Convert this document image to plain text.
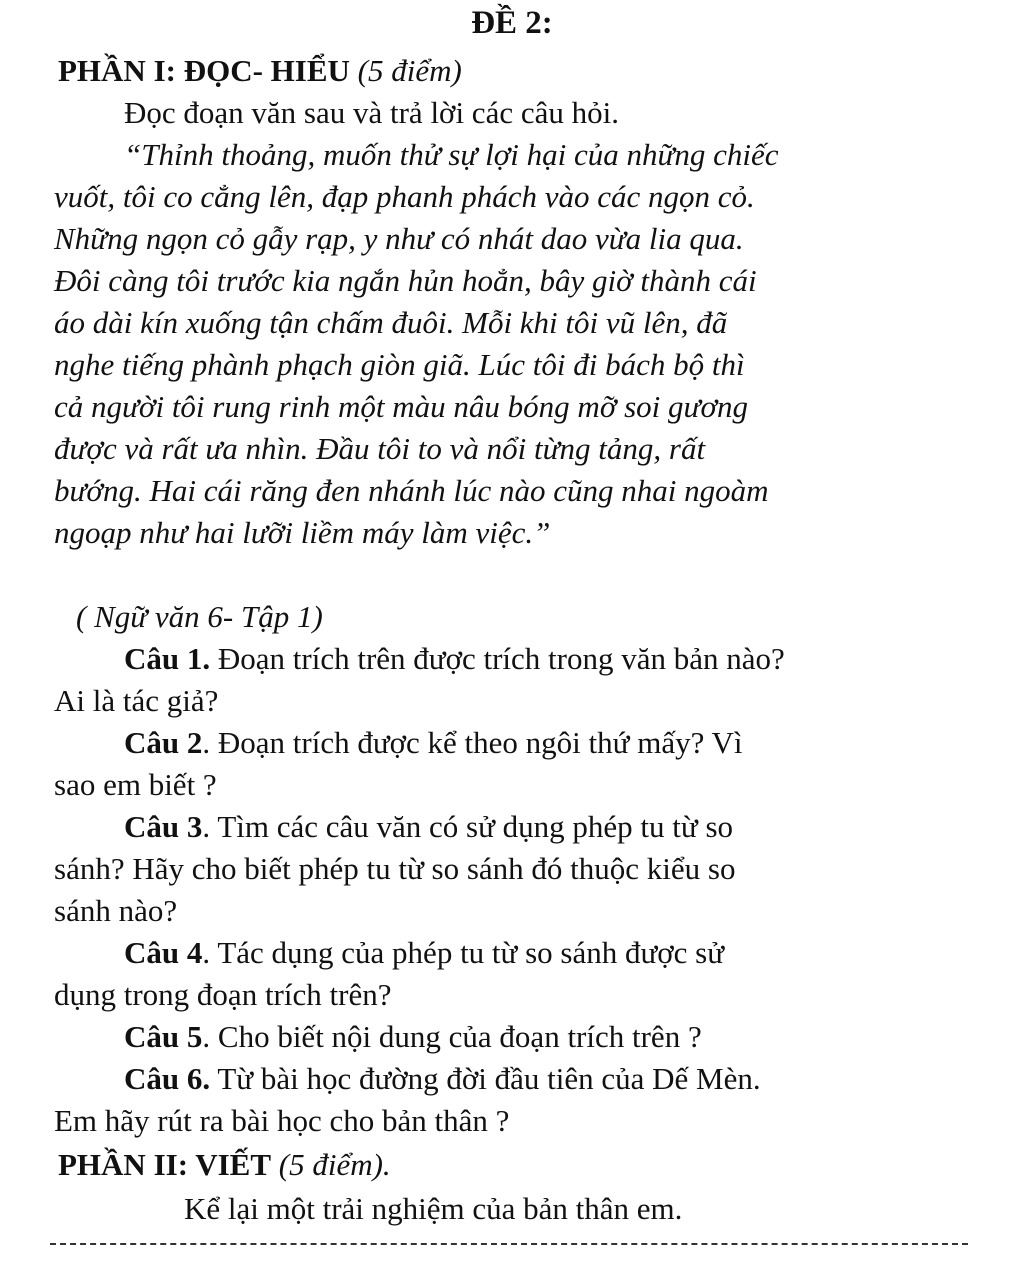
ĐỀ 2:
PHẦN I: ĐỌC- HIỂU (5 điểm)
Đọc đoạn văn sau và trả lời các câu hỏi.
“Thỉnh thoảng, muốn thử sự lợi hại của những chiếc
vuốt, tôi co cẳng lên, đạp phanh phách vào các ngọn cỏ.
Những ngọn cỏ gẫy rạp, y như có nhát dao vừa lia qua.
Đôi càng tôi trước kia ngắn hủn hoẳn, bây giờ thành cái
áo dài kín xuống tận chấm đuôi. Mỗi khi tôi vũ lên, đã
nghe tiếng phành phạch giòn giã. Lúc tôi đi bách bộ thì
cả người tôi rung rinh một màu nâu bóng mỡ soi gương
được và rất ưa nhìn. Đầu tôi to và nổi từng tảng, rất
bướng. Hai cái răng đen nhánh lúc nào cũng nhai ngoàm
ngoạp như hai lưỡi liềm máy làm việc.”
( Ngữ văn 6- Tập 1)
Câu 1. Đoạn trích trên được trích trong văn bản nào?
Ai là tác giả?
Câu 2. Đoạn trích được kể theo ngôi thứ mấy? Vì
sao em biết ?
Câu 3. Tìm các câu văn có sử dụng phép tu từ so
sánh? Hãy cho biết phép tu từ so sánh đó thuộc kiểu so
sánh nào?
Câu 4. Tác dụng của phép tu từ so sánh được sử
dụng trong đoạn trích trên?
Câu 5. Cho biết nội dung của đoạn trích trên ?
Câu 6. Từ bài học đường đời đầu tiên của Dế Mèn.
Em hãy rút ra bài học cho bản thân ?
PHẦN II: VIẾT (5 điểm).
Kể lại một trải nghiệm của bản thân em.
